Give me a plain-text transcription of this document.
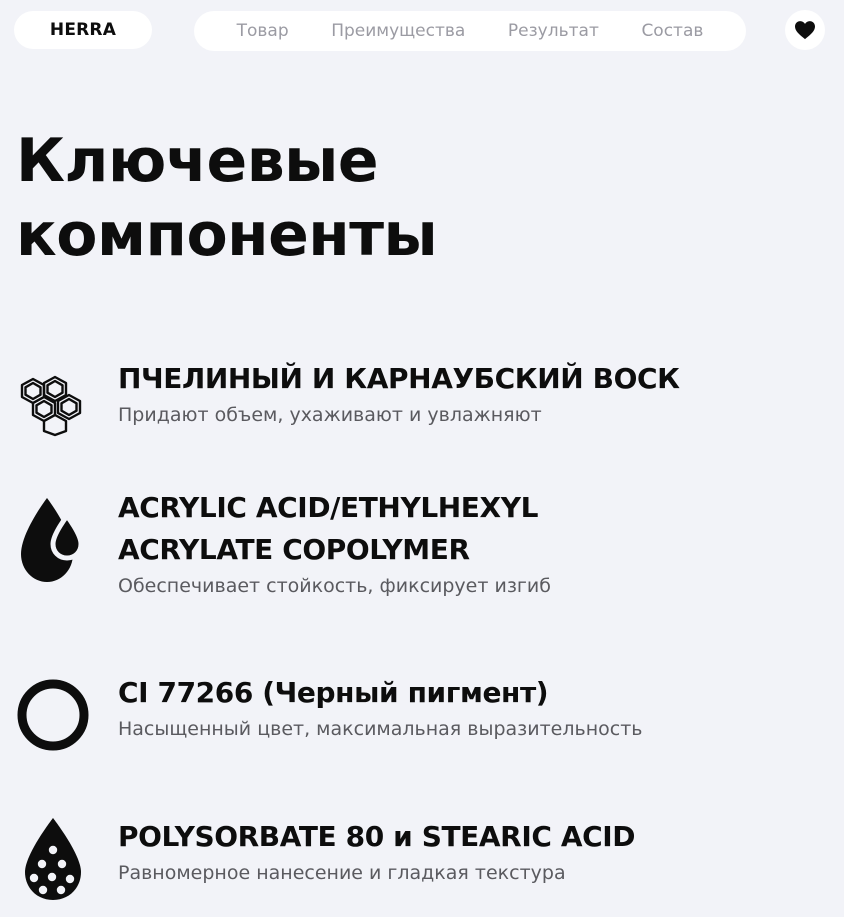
HERRA	Товар	Преимущества	Результат	Состав
Ключевые
компоненты
ПЧЕЛИНЫЙ И КАРНАУБСКИЙ ВОСК
Придают объем, ухаживают и увлажняют
ACRYLIC ACID/ETHYLHEXYL
ACRYLATE COPOLYMER
Обеспечивает стойкость, фиксирует изгиб
CI 77266 (Черный пигмент)
Насыщенный цвет, максимальная выразительность
POLYSORBATE 80 и STEARIC ACID
Равномерное нанесение и гладкая текстура
